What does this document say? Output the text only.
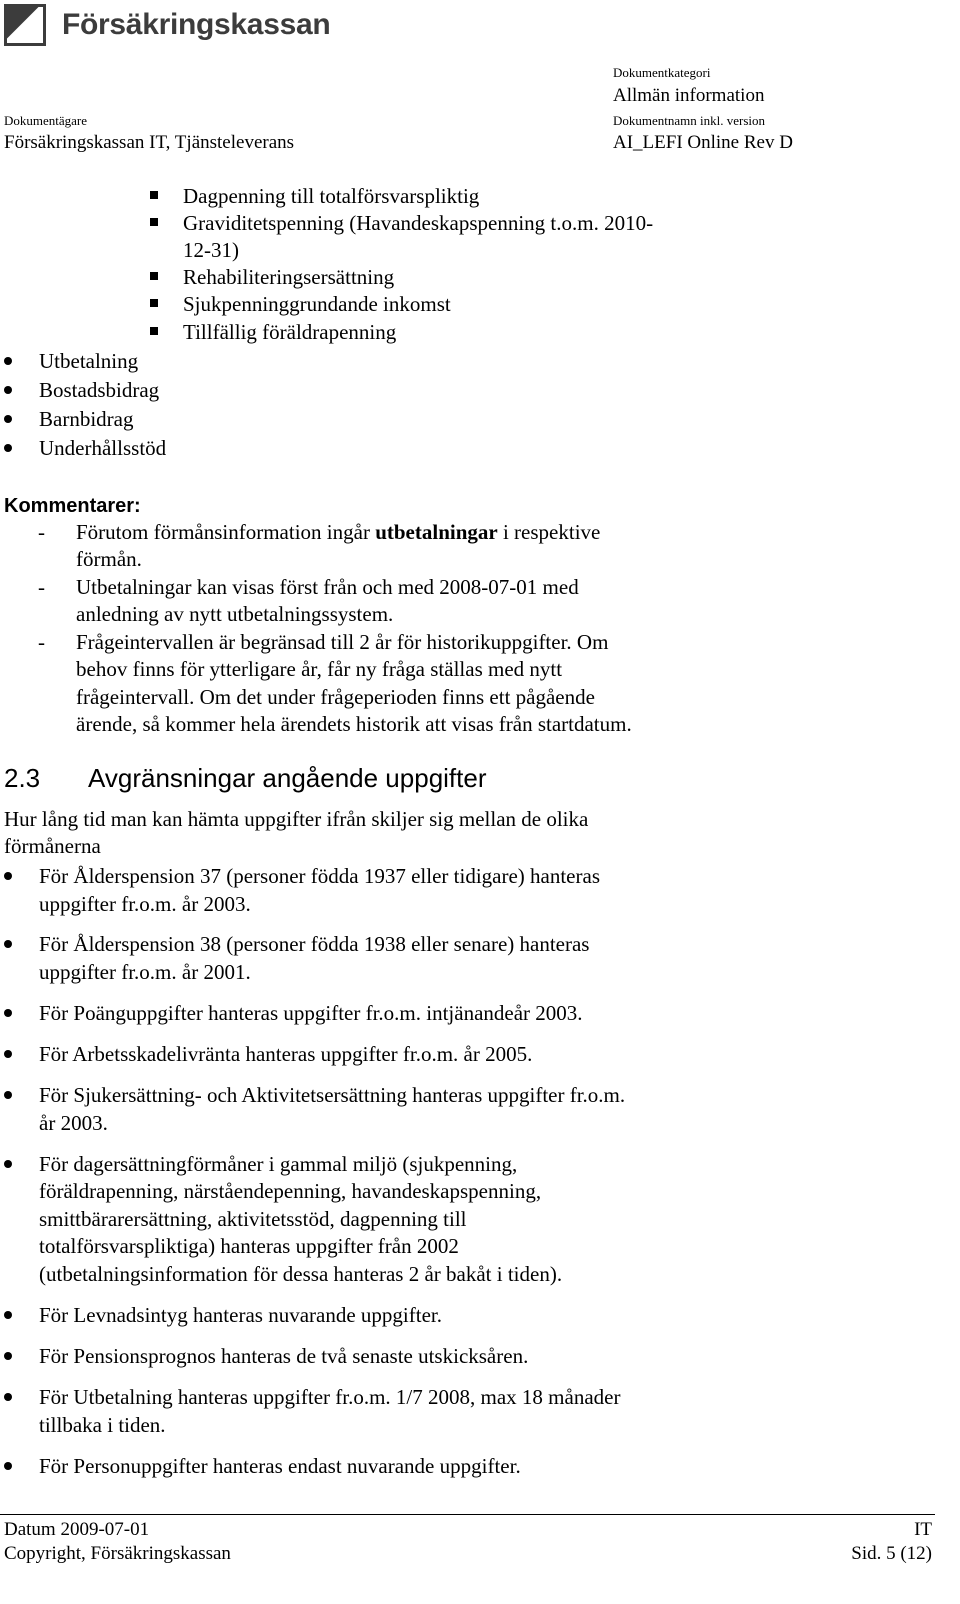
Försäkringskassan
Dokumentkategori
Allmän information
Dokumentägare
Försäkringskassan IT, Tjänsteleverans
Dokumentnamn inkl. version
AI_LEFI Online Rev D
Dagpenning till totalförsvarspliktig
Graviditetspenning (Havandeskapspenning t.o.m. 2010-
12-31)
Rehabiliteringsersättning
Sjukpenninggrundande inkomst
Tillfällig föräldrapenning
Utbetalning
Bostadsbidrag
Barnbidrag
Underhållsstöd
Kommentarer:
- Förutom förmånsinformation ingår utbetalningar i respektive
förmån.
- Utbetalningar kan visas först från och med 2008-07-01 med
anledning av nytt utbetalningssystem.
- Frågeintervallen är begränsad till 2 år för historikuppgifter. Om
behov finns för ytterligare år, får ny fråga ställas med nytt
frågeintervall. Om det under frågeperioden finns ett pågående
ärende, så kommer hela ärendets historik att visas från startdatum.
2.3 Avgränsningar angående uppgifter
Hur lång tid man kan hämta uppgifter ifrån skiljer sig mellan de olika
förmånerna
För Ålderspension 37 (personer födda 1937 eller tidigare) hanteras
uppgifter fr.o.m. år 2003.
För Ålderspension 38 (personer födda 1938 eller senare) hanteras
uppgifter fr.o.m. år 2001.
För Poänguppgifter hanteras uppgifter fr.o.m. intjänandeår 2003.
För Arbetsskadelivränta hanteras uppgifter fr.o.m. år 2005.
För Sjukersättning- och Aktivitetsersättning hanteras uppgifter fr.o.m.
år 2003.
För dagersättningförmåner i gammal miljö (sjukpenning,
föräldrapenning, närståendepenning, havandeskapspenning,
smittbärarersättning, aktivitetsstöd, dagpenning till
totalförsvarspliktiga) hanteras uppgifter från 2002
(utbetalningsinformation för dessa hanteras 2 år bakåt i tiden).
För Levnadsintyg hanteras nuvarande uppgifter.
För Pensionsprognos hanteras de två senaste utskicksåren.
För Utbetalning hanteras uppgifter fr.o.m. 1/7 2008, max 18 månader
tillbaka i tiden.
För Personuppgifter hanteras endast nuvarande uppgifter.
Datum 2009-07-01
Copyright, Försäkringskassan
IT
Sid. 5 (12)
